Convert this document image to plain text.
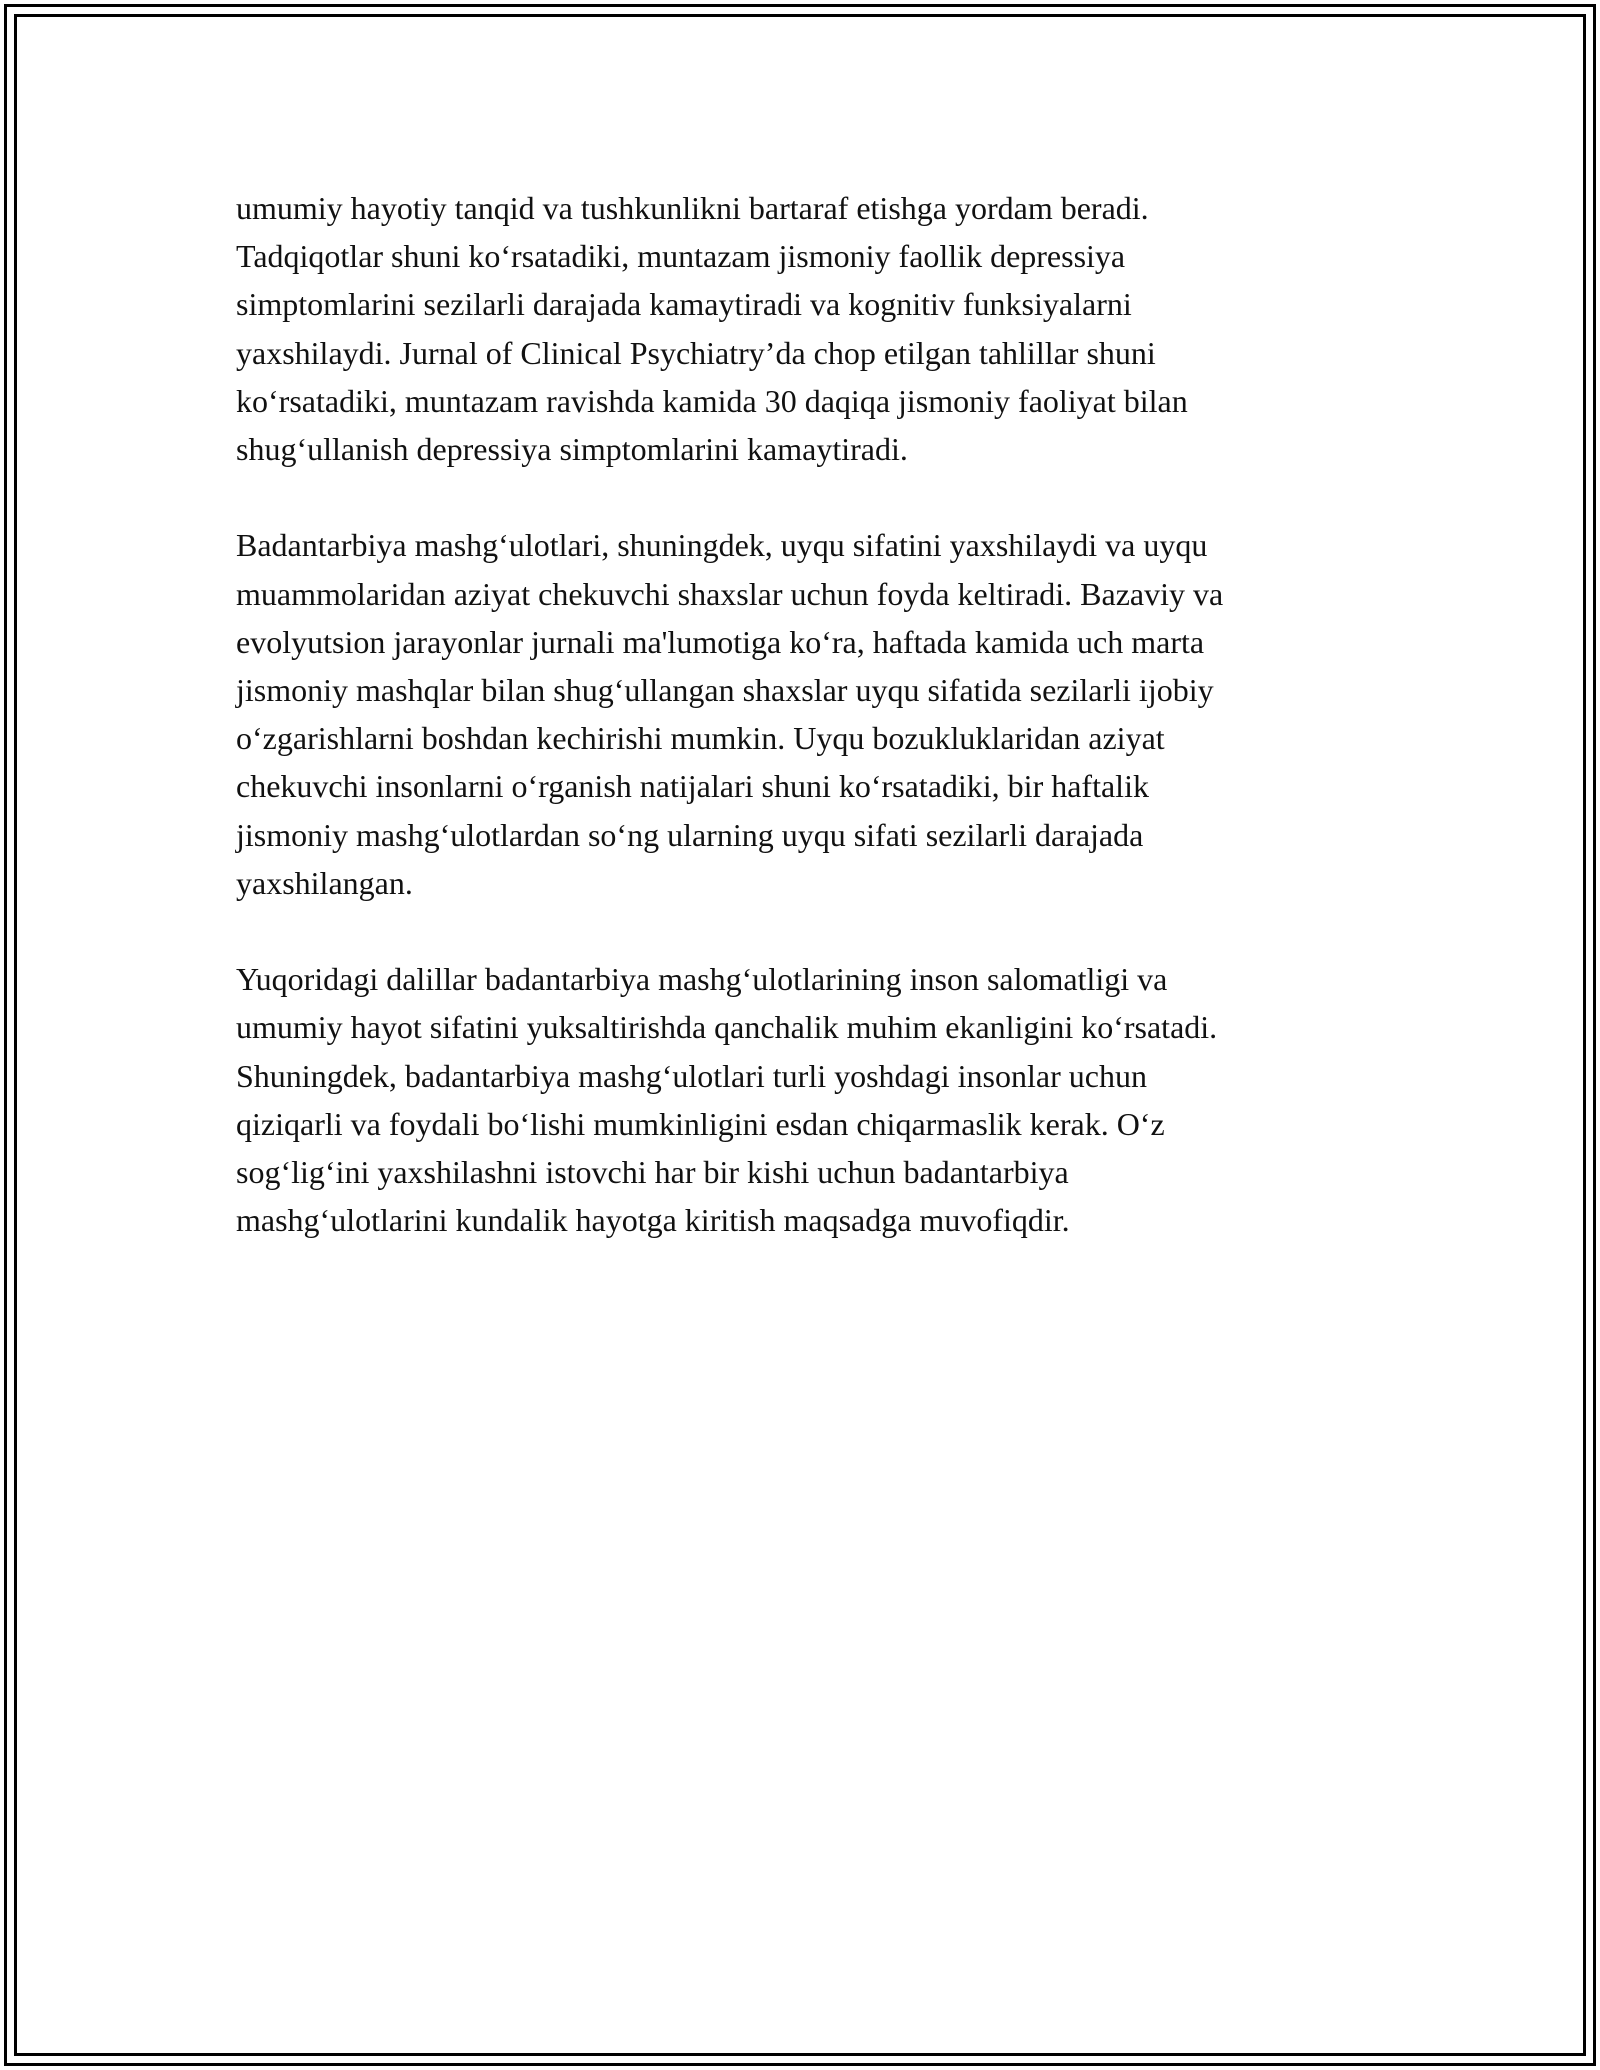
umumiy hayotiy tanqid va tushkunlikni bartaraf etishga yordam beradi.
Tadqiqotlar shuni ko‘rsatadiki, muntazam jismoniy faollik depressiya
simptomlarini sezilarli darajada kamaytiradi va kognitiv funksiyalarni
yaxshilaydi. Jurnal of Clinical Psychiatry’da chop etilgan tahlillar shuni
ko‘rsatadiki, muntazam ravishda kamida 30 daqiqa jismoniy faoliyat bilan
shug‘ullanish depressiya simptomlarini kamaytiradi.

Badantarbiya mashg‘ulotlari, shuningdek, uyqu sifatini yaxshilaydi va uyqu
muammolaridan aziyat chekuvchi shaxslar uchun foyda keltiradi. Bazaviy va
evolyutsion jarayonlar jurnali ma'lumotiga ko‘ra, haftada kamida uch marta
jismoniy mashqlar bilan shug‘ullangan shaxslar uyqu sifatida sezilarli ijobiy
o‘zgarishlarni boshdan kechirishi mumkin. Uyqu bozukluklaridan aziyat
chekuvchi insonlarni o‘rganish natijalari shuni ko‘rsatadiki, bir haftalik
jismoniy mashg‘ulotlardan so‘ng ularning uyqu sifati sezilarli darajada
yaxshilangan.

Yuqoridagi dalillar badantarbiya mashg‘ulotlarining inson salomatligi va
umumiy hayot sifatini yuksaltirishda qanchalik muhim ekanligini ko‘rsatadi.
Shuningdek, badantarbiya mashg‘ulotlari turli yoshdagi insonlar uchun
qiziqarli va foydali bo‘lishi mumkinligini esdan chiqarmaslik kerak. O‘z
sog‘lig‘ini yaxshilashni istovchi har bir kishi uchun badantarbiya
mashg‘ulotlarini kundalik hayotga kiritish maqsadga muvofiqdir.
